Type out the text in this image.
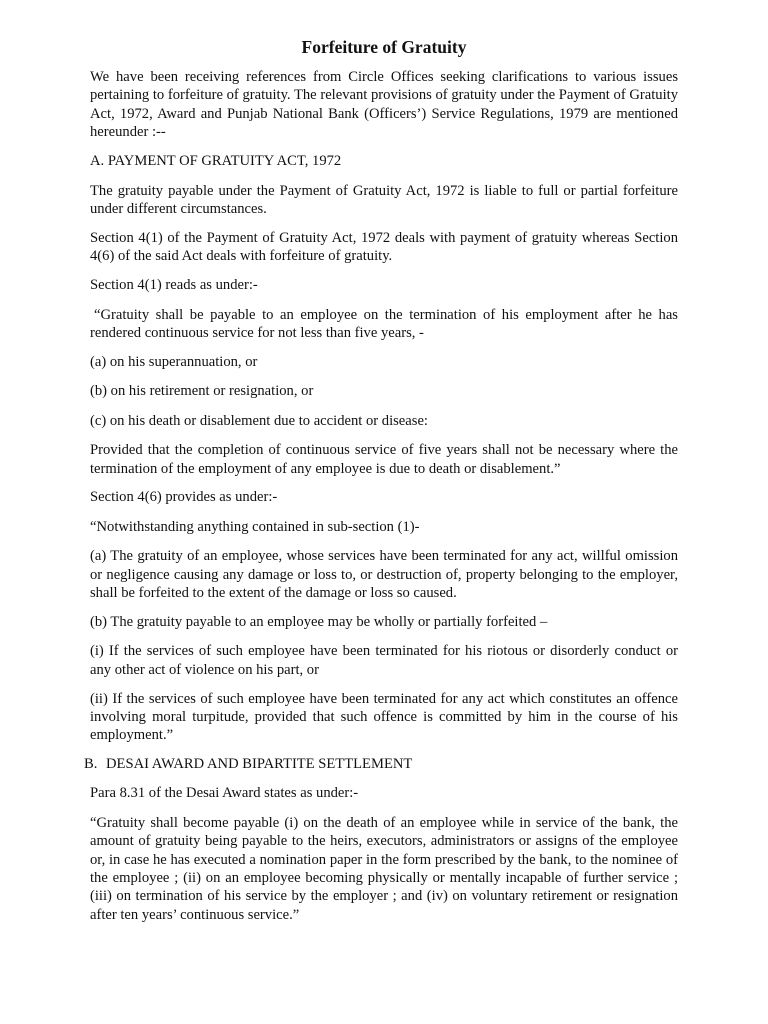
Forfeiture of Gratuity

We have been receiving references from Circle Offices seeking clarifications to various issues pertaining to forfeiture of gratuity. The relevant provisions of gratuity under the Payment of Gratuity Act, 1972, Award and Punjab National Bank (Officers’) Service Regulations, 1979 are mentioned hereunder :--

A. PAYMENT OF GRATUITY ACT, 1972

The gratuity payable under the Payment of Gratuity Act, 1972 is liable to full or partial forfeiture under different circumstances.

Section 4(1) of the Payment of Gratuity Act, 1972 deals with payment of gratuity whereas Section 4(6) of the said Act deals with forfeiture of gratuity.

Section 4(1) reads as under:-

“Gratuity shall be payable to an employee on the termination of his employment after he has rendered continuous service for not less than five years, -

(a) on his superannuation, or

(b) on his retirement or resignation, or

(c) on his death or disablement due to accident or disease:

Provided that the completion of continuous service of five years shall not be necessary where the termination of the employment of any employee is due to death or disablement.”

Section 4(6) provides as under:-

“Notwithstanding anything contained in sub-section (1)-

(a) The gratuity of an employee, whose services have been terminated for any act, willful omission or negligence causing any damage or loss to, or destruction of, property belonging to the employer, shall be forfeited to the extent of the damage or loss so caused.

(b) The gratuity payable to an employee may be wholly or partially forfeited –

(i) If the services of such employee have been terminated for his riotous or disorderly conduct or any other act of violence on his part, or

(ii) If the services of such employee have been terminated for any act which constitutes an offence involving moral turpitude, provided that such offence is committed by him in the course of his employment.”

B. DESAI AWARD AND BIPARTITE SETTLEMENT

Para 8.31 of the Desai Award states as under:-

“Gratuity shall become payable (i) on the death of an employee while in service of the bank, the amount of gratuity being payable to the heirs, executors, administrators or assigns of the employee or, in case he has executed a nomination paper in the form prescribed by the bank, to the nominee of the employee ; (ii) on an employee becoming physically or mentally incapable of further service ; (iii) on termination of his service by the employer ; and (iv) on voluntary retirement or resignation after ten years’ continuous service.”
